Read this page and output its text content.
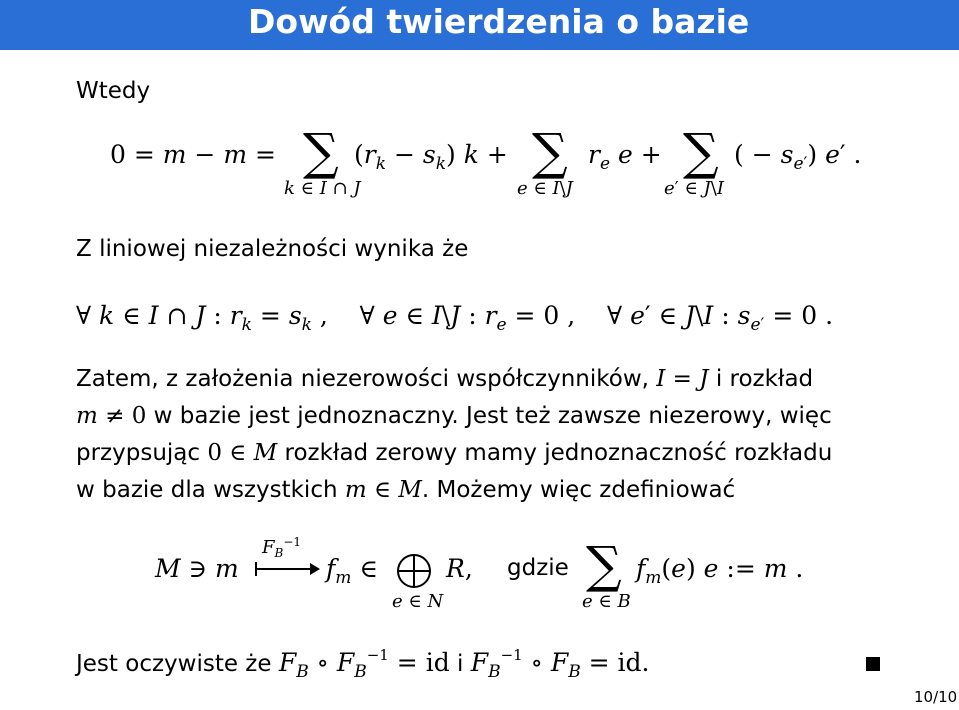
Dowód twierdzenia o bazie
Wtedy
0 = m − m = ∑
k ∈ I ∩ J
$(r_k - s_k) k$ + ∑
e ∈ I\J
$r_e$ e + ∑
e′ ∈ J\I
( − $s_{e'}$) e′ .
Z liniowej niezależności wynika że
∀ k ∈ I ∩ J : $r_k = s_k$ ,    ∀ e ∈ I\J : $r_e = 0$ ,    ∀ e′ ∈ J\I : $s_{e'} = 0$ .
Zatem, z założenia niezerowości współczynników, I = J i rozkład
m ≠ 0 w bazie jest jednoznaczny. Jest też zawsze niezerowy, więc
przypsując 0 ∈ M rozkład zerowy mamy jednoznaczność rozkładu
w bazie dla wszystkich m ∈ M. Możemy więc zdefiniować
M ∋ m
$F_B^{-1}$
$f_m$ ∈
e ∈ N
R, gdzie ∑
e ∈ B
$f_m(e)$ e := m .
Jest oczywiste że $F_B$ ∘ $F_B^{-1}$ = id i $F_B^{-1}$ ∘ $F_B$ = id.
10/10
